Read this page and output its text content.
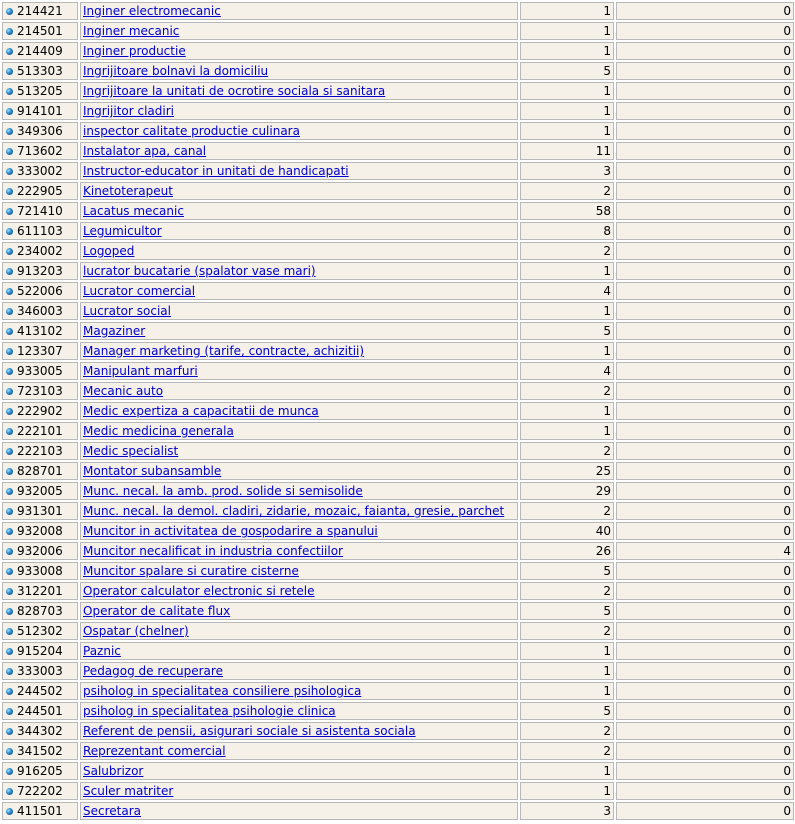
214421	Inginer electromecanic	1	0
214501	Inginer mecanic	1	0
214409	Inginer productie	1	0
513303	Ingrijitoare bolnavi la domiciliu	5	0
513205	Ingrijitoare la unitati de ocrotire sociala si sanitara	1	0
914101	Ingrijitor cladiri	1	0
349306	inspector calitate productie culinara	1	0
713602	Instalator apa, canal	11	0
333002	Instructor-educator in unitati de handicapati	3	0
222905	Kinetoterapeut	2	0
721410	Lacatus mecanic	58	0
611103	Legumicultor	8	0
234002	Logoped	2	0
913203	lucrator bucatarie (spalator vase mari)	1	0
522006	Lucrator comercial	4	0
346003	Lucrator social	1	0
413102	Magaziner	5	0
123307	Manager marketing (tarife, contracte, achizitii)	1	0
933005	Manipulant marfuri	4	0
723103	Mecanic auto	2	0
222902	Medic expertiza a capacitatii de munca	1	0
222101	Medic medicina generala	1	0
222103	Medic specialist	2	0
828701	Montator subansamble	25	0
932005	Munc. necal. la amb. prod. solide si semisolide	29	0
931301	Munc. necal. la demol. cladiri, zidarie, mozaic, faianta, gresie, parchet	2	0
932008	Muncitor in activitatea de gospodarire a spanului	40	0
932006	Muncitor necalificat in industria confectiilor	26	4
933008	Muncitor spalare si curatire cisterne	5	0
312201	Operator calculator electronic si retele	2	0
828703	Operator de calitate flux	5	0
512302	Ospatar (chelner)	2	0
915204	Paznic	1	0
333003	Pedagog de recuperare	1	0
244502	psiholog in specialitatea consiliere psihologica	1	0
244501	psiholog in specialitatea psihologie clinica	5	0
344302	Referent de pensii, asigurari sociale si asistenta sociala	2	0
341502	Reprezentant comercial	2	0
916205	Salubrizor	1	0
722202	Sculer matriter	1	0
411501	Secretara	3	0
